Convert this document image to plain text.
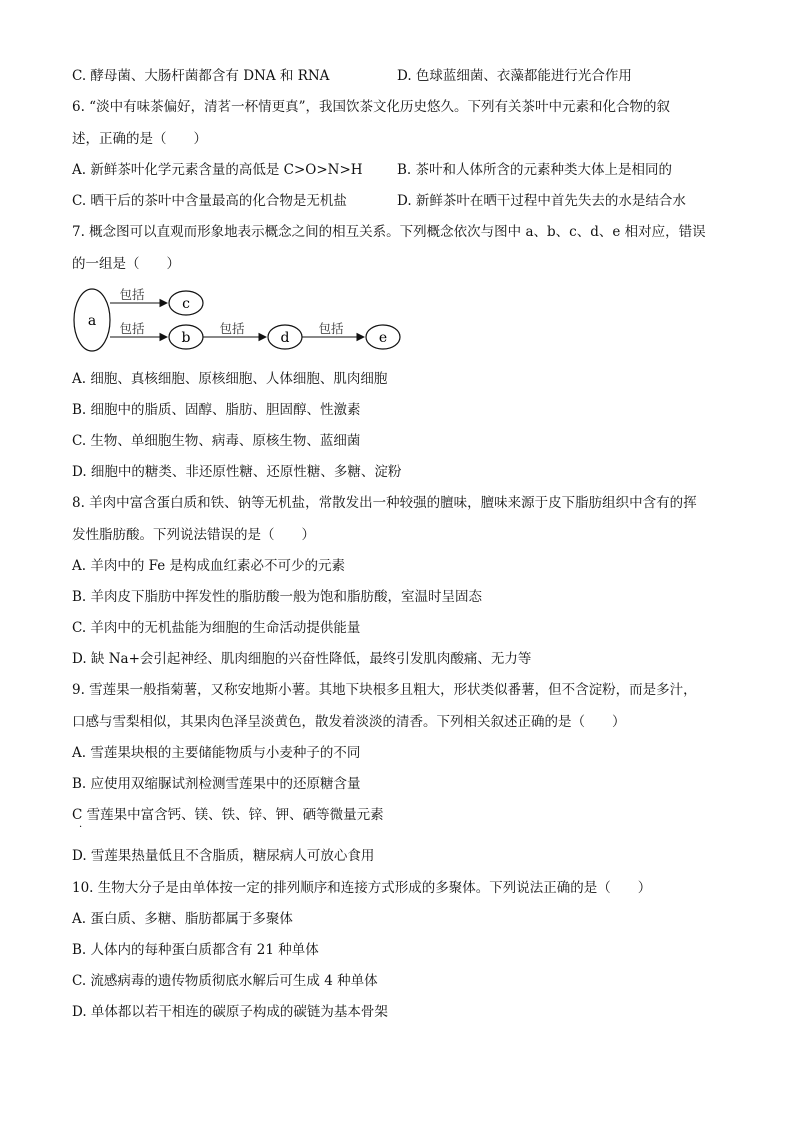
C. 酵母菌、大肠杆菌都含有 DNA 和 RNA	D. 色球蓝细菌、衣藻都能进行光合作用
6. “淡中有味茶偏好，清茗一杯情更真”，我国饮茶文化历史悠久。下列有关茶叶中元素和化合物的叙
述，正确的是（　　）
A. 新鲜茶叶化学元素含量的高低是 C>O>N>H	B. 茶叶和人体所含的元素种类大体上是相同的
C. 晒干后的茶叶中含量最高的化合物是无机盐	D. 新鲜茶叶在晒干过程中首先失去的水是结合水
7. 概念图可以直观而形象地表示概念之间的相互关系。下列概念依次与图中 a、b、c、d、e 相对应，错误
的一组是（　　）
a
c
b	d	e
包括
包括	包括	包括
A. 细胞、真核细胞、原核细胞、人体细胞、肌肉细胞
B. 细胞中的脂质、固醇、脂肪、胆固醇、性激素
C. 生物、单细胞生物、病毒、原核生物、蓝细菌
D. 细胞中的糖类、非还原性糖、还原性糖、多糖、淀粉
8. 羊肉中富含蛋白质和铁、钠等无机盐，常散发出一种较强的膻味，膻味来源于皮下脂肪组织中含有的挥
发性脂肪酸。下列说法错误的是（　　）
A. 羊肉中的 Fe 是构成血红素必不可少的元素
B. 羊肉皮下脂肪中挥发性的脂肪酸一般为饱和脂肪酸，室温时呈固态
C. 羊肉中的无机盐能为细胞的生命活动提供能量
D. 缺 Na+会引起神经、肌肉细胞的兴奋性降低，最终引发肌肉酸痛、无力等
9. 雪莲果一般指菊薯，又称安地斯小薯。其地下块根多且粗大，形状类似番薯，但不含淀粉，而是多汁，
口感与雪梨相似，其果肉色泽呈淡黄色，散发着淡淡的清香。下列相关叙述正确的是（　　）
A. 雪莲果块根的主要储能物质与小麦种子的不同
B. 应使用双缩脲试剂检测雪莲果中的还原糖含量
C 雪莲果中富含钙、镁、铁、锌、钾、硒等微量元素
·
D. 雪莲果热量低且不含脂质，糖尿病人可放心食用
10. 生物大分子是由单体按一定的排列顺序和连接方式形成的多聚体。下列说法正确的是（　　）
A. 蛋白质、多糖、脂肪都属于多聚体
B. 人体内的每种蛋白质都含有 21 种单体
C. 流感病毒的遗传物质彻底水解后可生成 4 种单体
D. 单体都以若干相连的碳原子构成的碳链为基本骨架
